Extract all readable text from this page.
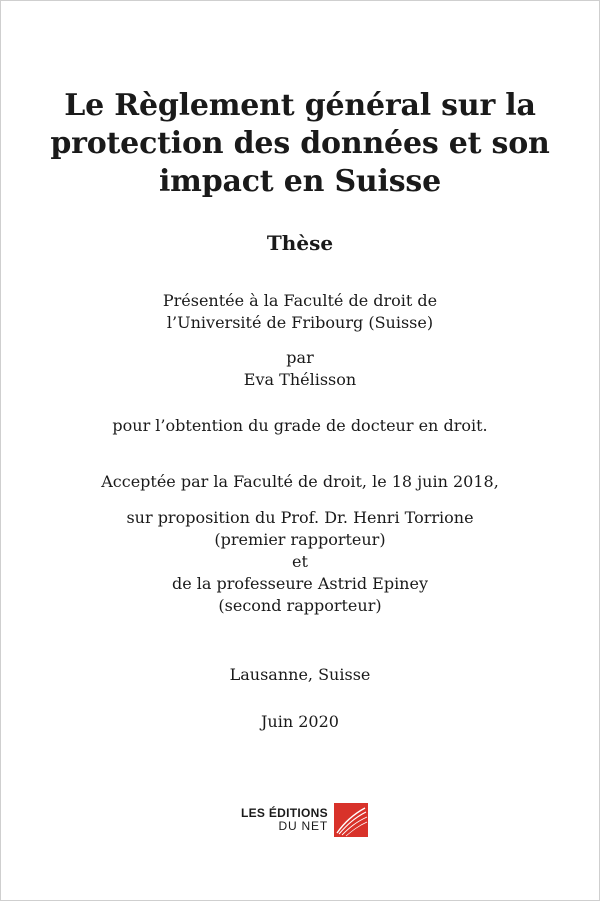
Le Règlement général sur la
protection des données et son
impact en Suisse
Thèse
Présentée à la Faculté de droit de
l’Université de Fribourg (Suisse)
par
Eva Thélisson
pour l’obtention du grade de docteur en droit.
Acceptée par la Faculté de droit, le 18 juin 2018,
sur proposition du Prof. Dr. Henri Torrione
(premier rapporteur)
et
de la professeure Astrid Epiney
(second rapporteur)
Lausanne, Suisse
Juin 2020
LES ÉDITIONS
DU NET
